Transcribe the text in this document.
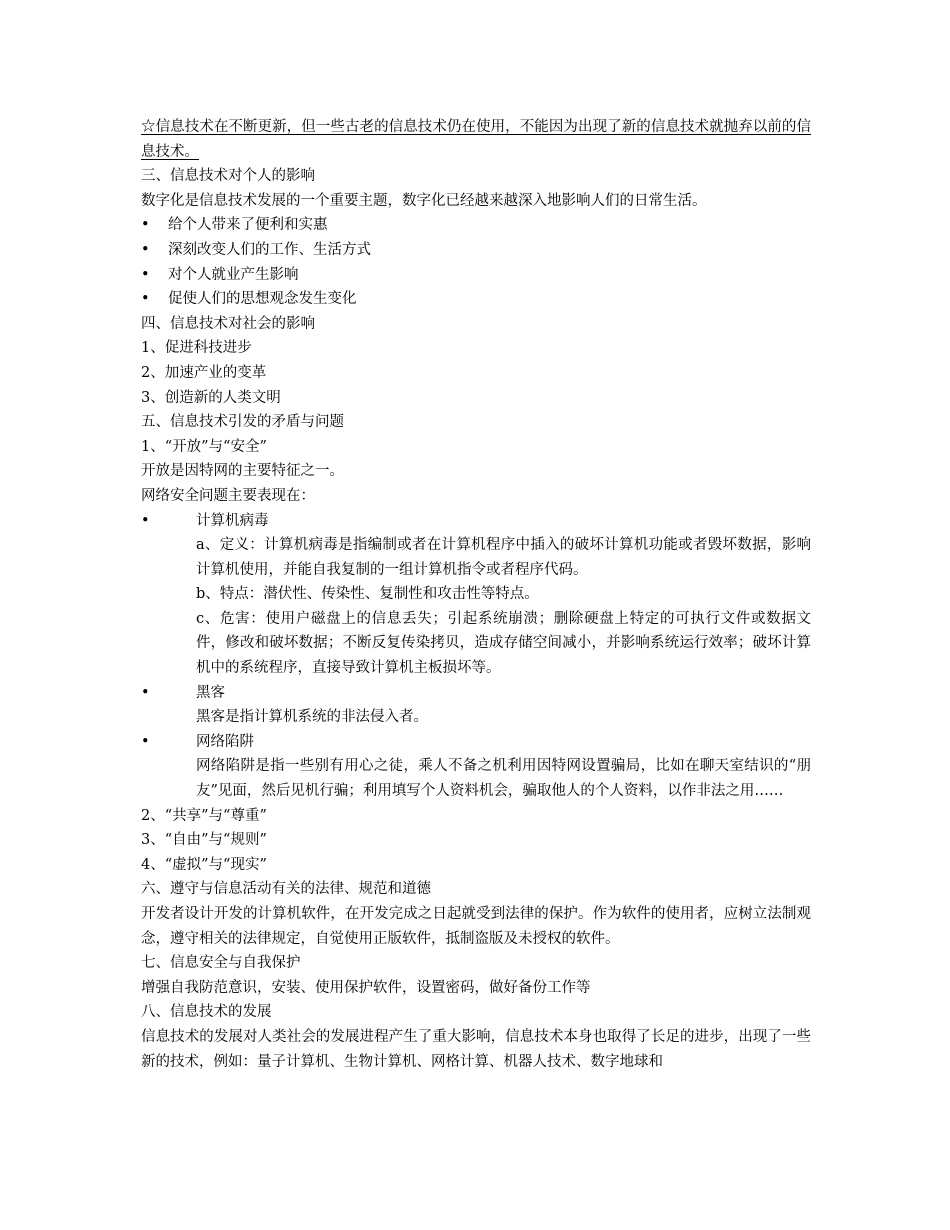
☆信息技术在不断更新，但一些古老的信息技术仍在使用，不能因为出现了新的信息技术就抛弃以前的信息技术。

三、信息技术对个人的影响

数字化是信息技术发展的一个重要主题，数字化已经越来越深入地影响人们的日常生活。

•	给个人带来了便利和实惠
•	深刻改变人们的工作、生活方式
•	对个人就业产生影响
•	促使人们的思想观念发生变化

四、信息技术对社会的影响

1、促进科技进步

2、加速产业的变革

3、创造新的人类文明

五、信息技术引发的矛盾与问题

1、“开放”与“安全”

开放是因特网的主要特征之一。

网络安全问题主要表现在：

•	计算机病毒

a、定义：计算机病毒是指编制或者在计算机程序中插入的破坏计算机功能或者毁坏数据，影响计算机使用，并能自我复制的一组计算机指令或者程序代码。

b、特点：潜伏性、传染性、复制性和攻击性等特点。

c、危害：使用户磁盘上的信息丢失；引起系统崩溃；删除硬盘上特定的可执行文件或数据文件，修改和破坏数据；不断反复传染拷贝，造成存储空间减小，并影响系统运行效率；破坏计算机中的系统程序，直接导致计算机主板损坏等。

•	黑客

黑客是指计算机系统的非法侵入者。

•	网络陷阱

网络陷阱是指一些别有用心之徒，乘人不备之机利用因特网设置骗局，比如在聊天室结识的“朋友”见面，然后见机行骗；利用填写个人资料机会，骗取他人的个人资料，以作非法之用……

2、“共享”与“尊重”

3、“自由”与“规则”

4、“虚拟”与“现实”

六、遵守与信息活动有关的法律、规范和道德

开发者设计开发的计算机软件，在开发完成之日起就受到法律的保护。作为软件的使用者，应树立法制观念，遵守相关的法律规定，自觉使用正版软件，抵制盗版及未授权的软件。

七、信息安全与自我保护

增强自我防范意识，安装、使用保护软件，设置密码，做好备份工作等

八、信息技术的发展

信息技术的发展对人类社会的发展进程产生了重大影响，信息技术本身也取得了长足的进步，出现了一些新的技术，例如：量子计算机、生物计算机、网格计算、机器人技术、数字地球和
